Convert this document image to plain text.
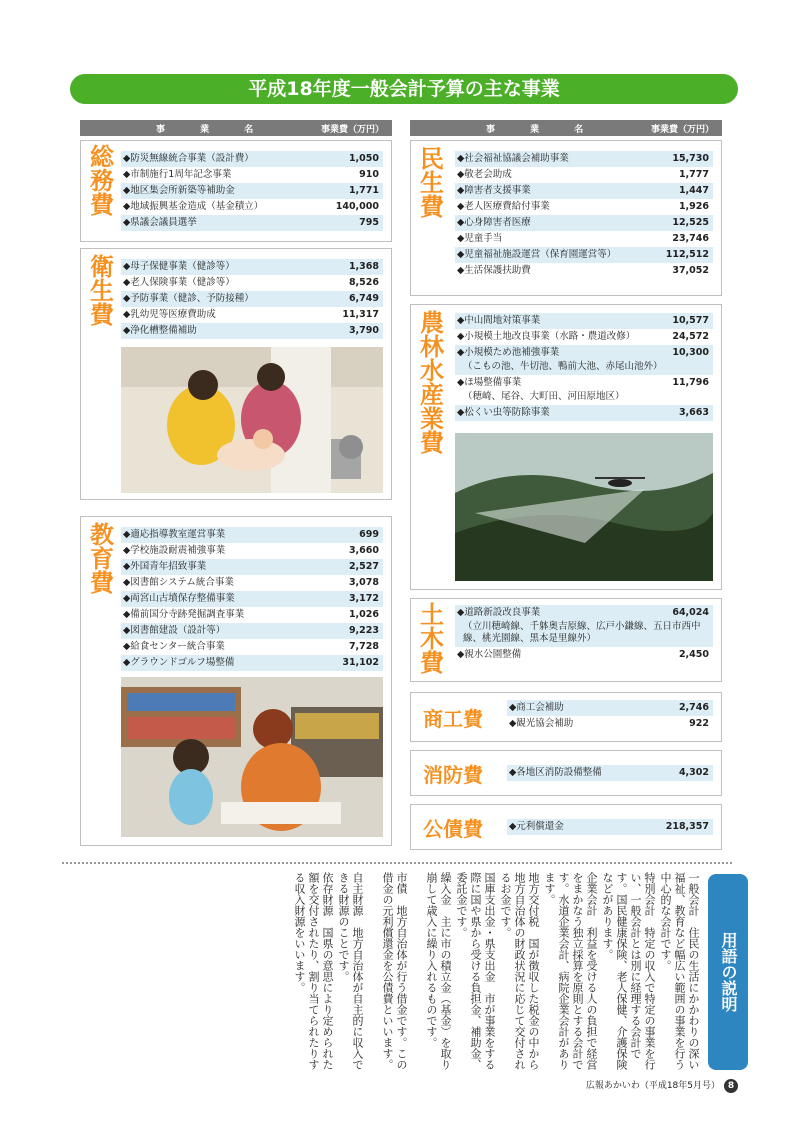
平成18年度一般会計予算の主な事業
事 業 名	事業費（万円）	事 業 名	事業費（万円）
総務費
◆防災無線統合事業（設計費）	1,050
◆市制施行1周年記念事業	910
◆地区集会所新築等補助金	1,771
◆地域振興基金造成（基金積立）	140,000
◆県議会議員選挙	795
衛生費
◆母子保健事業（健診等）	1,368
◆老人保険事業（健診等）	8,526
◆予防事業（健診、予防接種）	6,749
◆乳幼児等医療費助成	11,317
◆浄化槽整備補助	3,790
教育費
◆適応指導教室運営事業	699
◆学校施設耐震補強事業	3,660
◆外国青年招致事業	2,527
◆図書館システム統合事業	3,078
◆両宮山古墳保存整備事業	3,172
◆備前国分寺跡発掘調査事業	1,026
◆図書館建設（設計等）	9,223
◆給食センター統合事業	7,728
◆グラウンドゴルフ場整備	31,102
民生費
◆社会福祉協議会補助事業	15,730
◆敬老会助成	1,777
◆障害者支援事業	1,447
◆老人医療費給付事業	1,926
◆心身障害者医療	12,525
◆児童手当	23,746
◆児童福祉施設運営（保育園運営等）	112,512
◆生活保護扶助費	37,052
農林水産業費
◆中山間地対策事業	10,577
◆小規模土地改良事業（水路・農道改修）	24,572
◆小規模ため池補強事業	10,300
（こもの池、牛切池、鴨前大池、赤尾山池外）
◆ほ場整備事業	11,796
（穂崎、尾谷、大町田、河田原地区）
◆松くい虫等防除事業	3,663
土木費
◆道路新設改良事業	64,024
（立川穂崎線、千躰奥吉原線、広戸小鎌線、五日市西中線、桃光園線、黒本是里線外）
◆親水公園整備	2,450
商工費	◆商工会補助	2,746
◆観光協会補助	922
消防費	◆各地区消防設備整備	4,302
公債費	◆元利償還金	218,357
用語の説明
一般会計　住民の生活にかかわりの深い福祉、教育など幅広い範囲の事業を行う中心的な会計です。
特別会計　特定の収入で特定の事業を行い、一般会計とは別に経理する会計です。国民健康保険、老人保健、介護保険などがあります。
企業会計　利益を受ける人の負担で経営をまかなう独立採算を原則とする会計です。水道企業会計、病院企業会計があります。
地方交付税　国が徴収した税金の中から地方自治体の財政状況に応じて交付されるお金です。
国庫支出金・県支出金　市が事業をする際に国や県から受ける負担金、補助金、委託金です。
繰入金　主に市の積立金（基金）を取り崩して歳入に繰り入れるものです。
市債　地方自治体が行う借金です。この借金の元利償還金を公債費といいます。
自主財源　地方自治体が自主的に収入できる財源のことです。
依存財源　国県の意思により定められた額を交付されたり、割り当てられたりする収入財源をいいます。
広報あかいわ（平成18年5月号） 8
